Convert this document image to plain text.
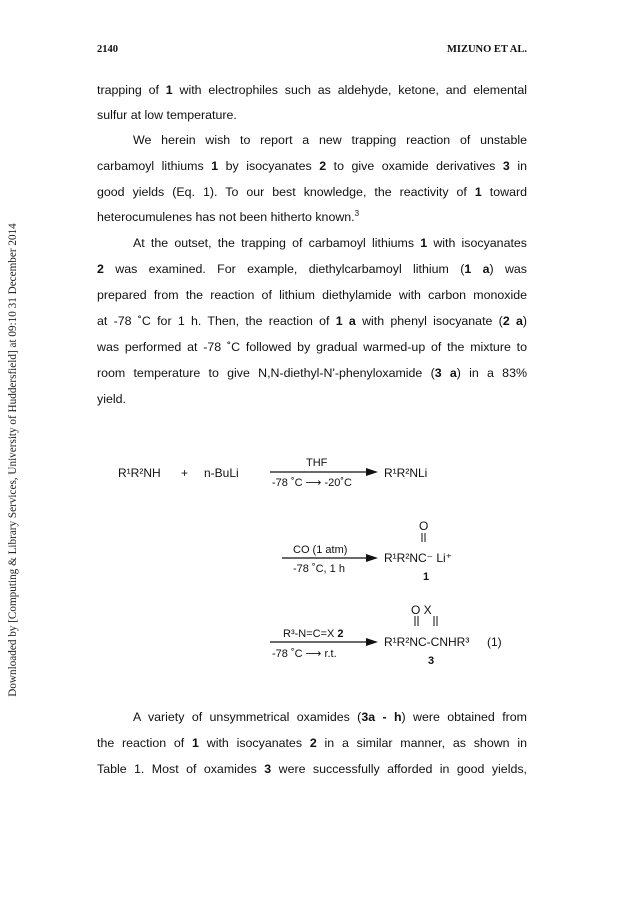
Downloaded by [Computing & Library Services, University of Huddersfield] at 09:10 31 December 2014
2140	MIZUNO ET AL.
trapping of 1 with electrophiles such as aldehyde, ketone, and elemental
sulfur at low temperature.
We herein wish to report a new trapping reaction of unstable
carbamoyl lithiums 1 by isocyanates 2 to give oxamide derivatives 3 in
good yields (Eq. 1). To our best knowledge, the reactivity of 1 toward
heterocumulenes has not been hitherto known.$^3$
At the outset, the trapping of carbamoyl lithiums 1 with isocyanates
2 was examined. For example, diethylcarbamoyl lithium (1 a) was
prepared from the reaction of lithium diethylamide with carbon monoxide
at -78 ˚C for 1 h. Then, the reaction of 1 a with phenyl isocyanate (2 a)
was performed at -78 ˚C followed by gradual warmed-up of the mixture to
room temperature to give N,N-diethyl-N'-phenyloxamide (3 a) in a 83%
yield.
R¹R²NH + n-BuLi
THF
-78 ˚C ⟶ -20˚C
R¹R²NLi
O
CO (1 atm)
-78 ˚C, 1 h
R¹R²NC⁻ Li⁺
1
O X
R³-N=C=X 2
-78 ˚C ⟶ r.t.
R¹R²NC-CNHR³ (1)
3
A variety of unsymmetrical oxamides (3a - h) were obtained from
the reaction of 1 with isocyanates 2 in a similar manner, as shown in
Table 1. Most of oxamides 3 were successfully afforded in good yields,
